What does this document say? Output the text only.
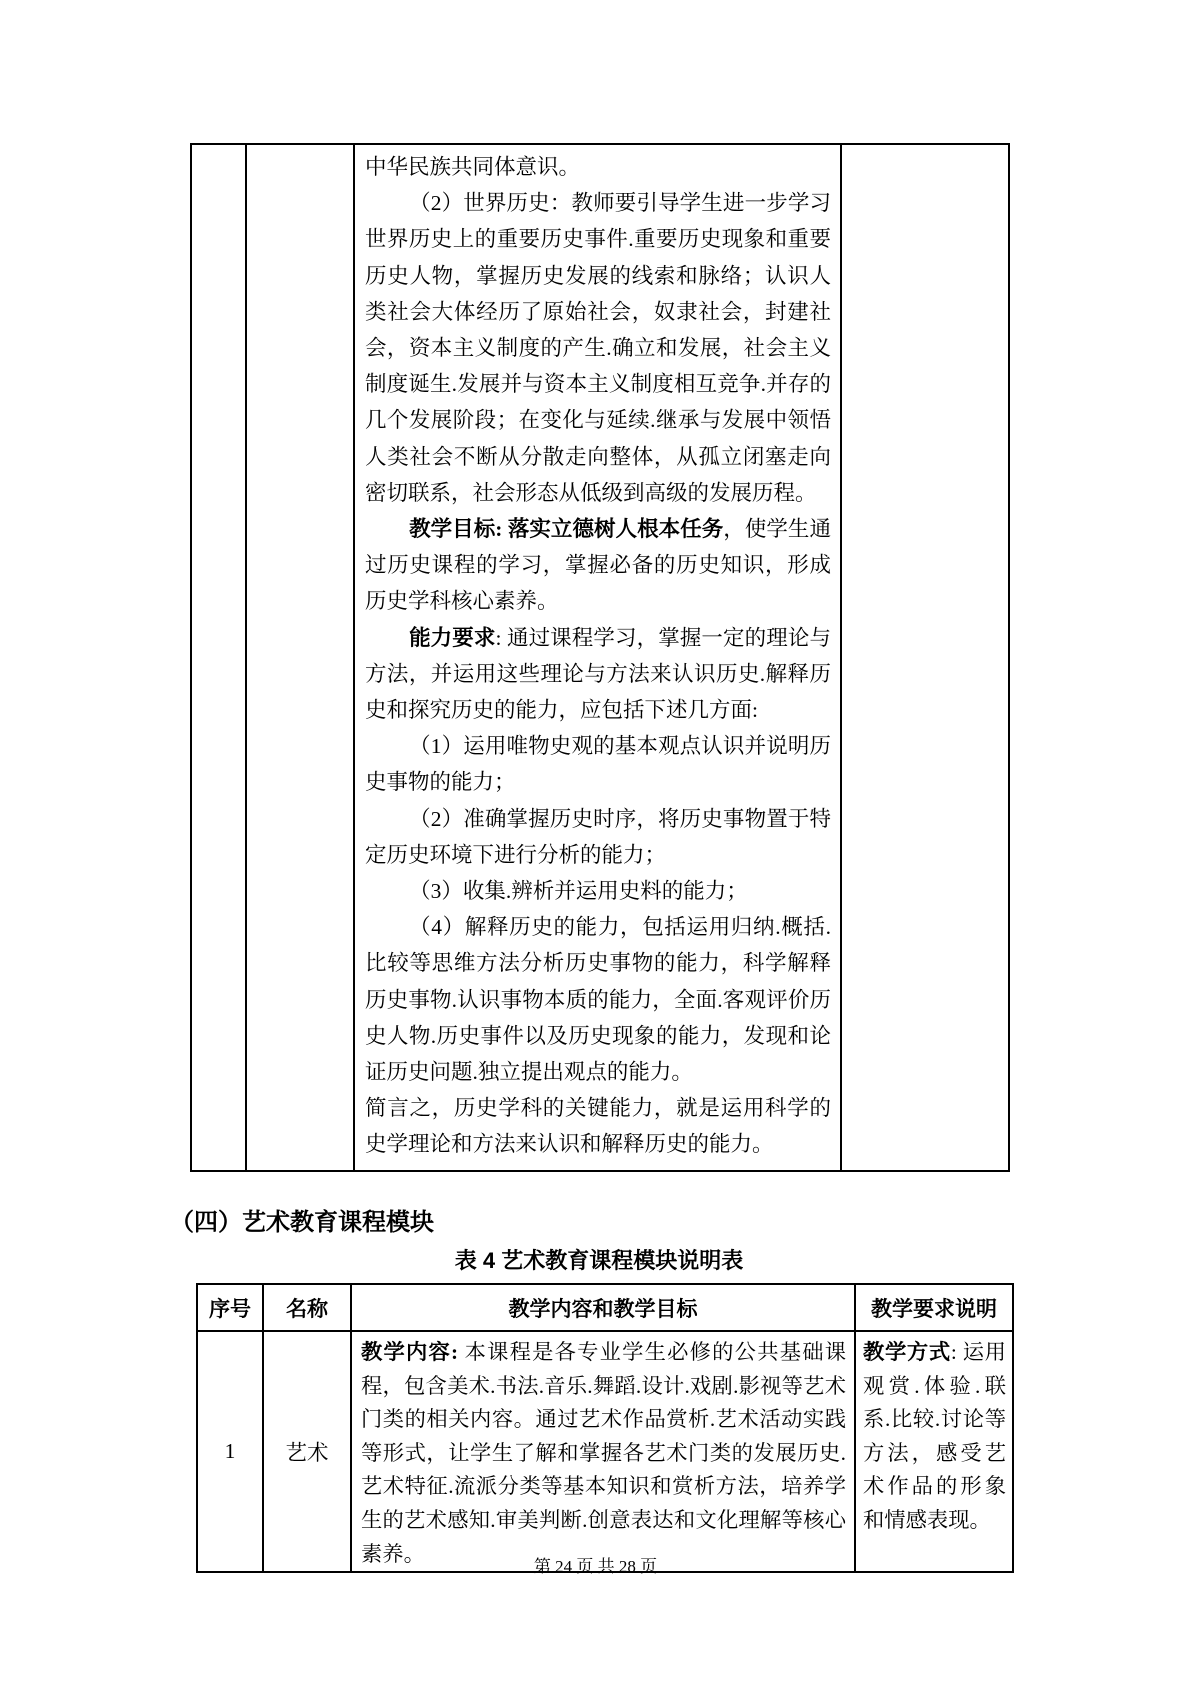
中华民族共同体意识。
（2）世界历史：教师要引导学生进一步学习世界历史上的重要历史事件.重要历史现象和重要历史人物，掌握历史发展的线索和脉络；认识人类社会大体经历了原始社会，奴隶社会，封建社会，资本主义制度的产生.确立和发展，社会主义制度诞生.发展并与资本主义制度相互竞争.并存的几个发展阶段；在变化与延续.继承与发展中领悟人类社会不断从分散走向整体，从孤立闭塞走向密切联系，社会形态从低级到高级的发展历程。
教学目标: 落实立德树人根本任务，使学生通过历史课程的学习，掌握必备的历史知识，形成历史学科核心素养。
能力要求: 通过课程学习，掌握一定的理论与方法，并运用这些理论与方法来认识历史.解释历史和探究历史的能力，应包括下述几方面:
（1）运用唯物史观的基本观点认识并说明历史事物的能力；
（2）准确掌握历史时序，将历史事物置于特定历史环境下进行分析的能力；
（3）收集.辨析并运用史料的能力；
（4）解释历史的能力，包括运用归纳.概括.比较等思维方法分析历史事物的能力，科学解释历史事物.认识事物本质的能力，全面.客观评价历史人物.历史事件以及历史现象的能力，发现和论证历史问题.独立提出观点的能力。
简言之，历史学科的关键能力，就是运用科学的史学理论和方法来认识和解释历史的能力。

（四）艺术教育课程模块
表 4 艺术教育课程模块说明表
序号	名称	教学内容和教学目标	教学要求说明
1	艺术	教学内容: 本课程是各专业学生必修的公共基础课程，包含美术.书法.音乐.舞蹈.设计.戏剧.影视等艺术门类的相关内容。通过艺术作品赏析.艺术活动实践等形式，让学生了解和掌握各艺术门类的发展历史.艺术特征.流派分类等基本知识和赏析方法，培养学生的艺术感知.审美判断.创意表达和文化理解等核心素养。	教学方式: 运用观赏.体验.联系.比较.讨论等方法，感受艺术作品的形象和情感表现。
第 24 页 共 28 页
